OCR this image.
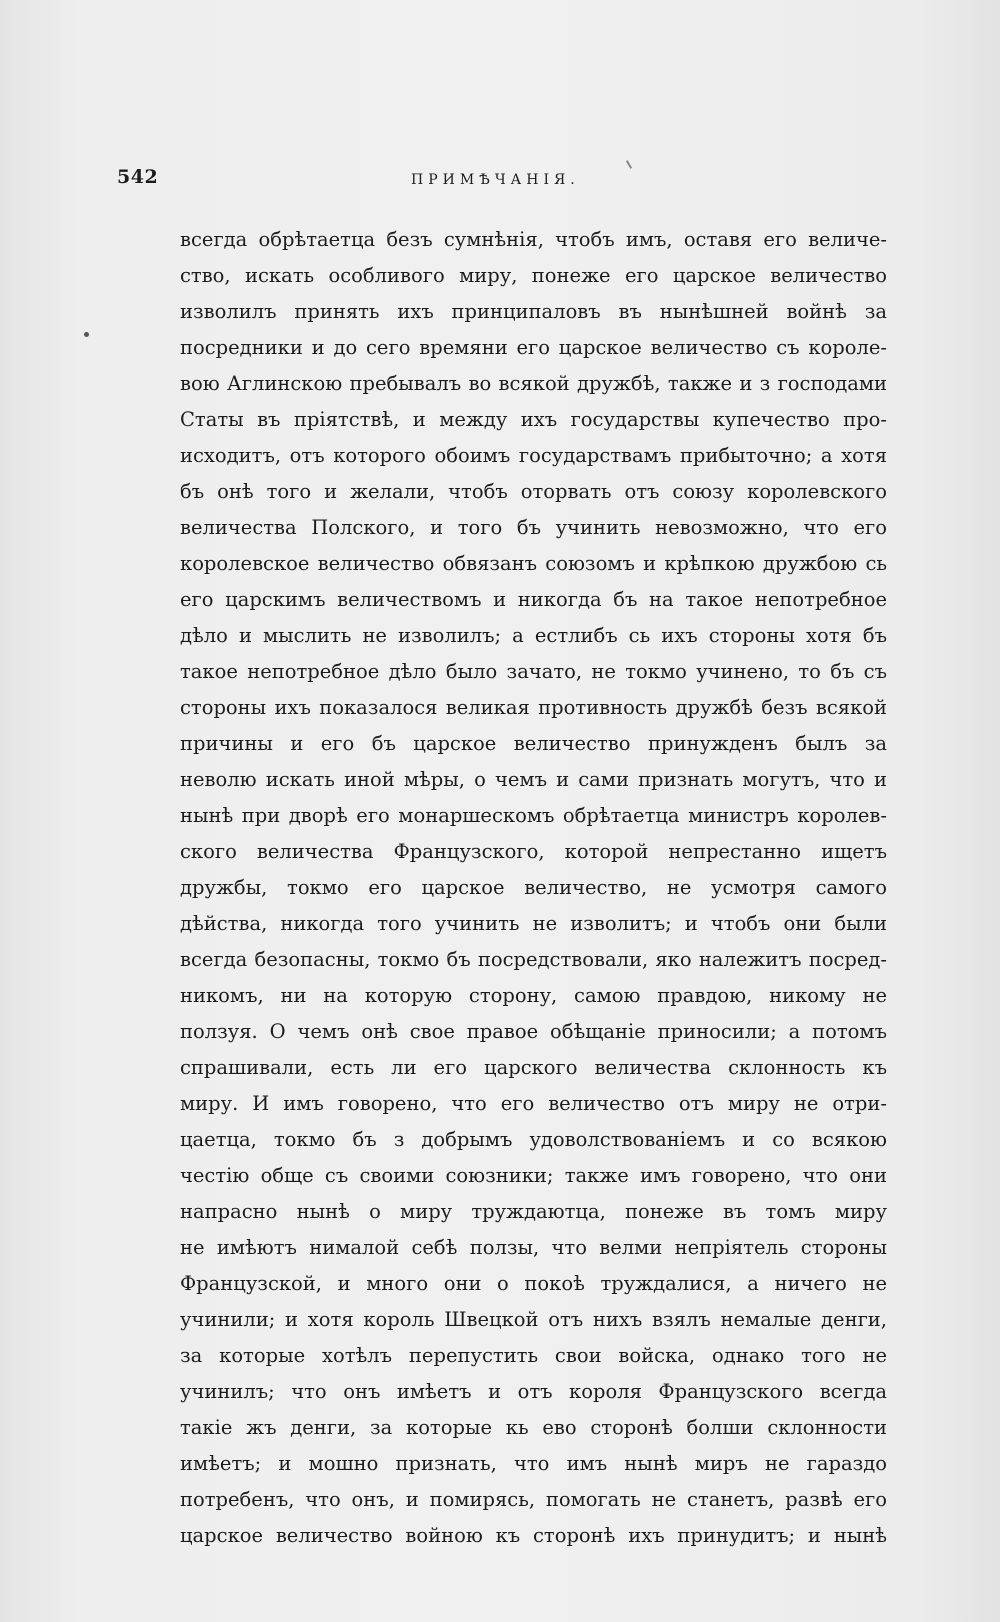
542	ПРИМѢЧАНІЯ.
всегда обрѣтаетца безъ сумнѣнія, чтобъ имъ, оставя его величе-
ство, искать особливого миру, понеже его царское величество
изволилъ принять ихъ принципаловъ въ нынѣшней войнѣ за
посредники и до сего времяни его царское величество съ королe-
вою Аглинскою пребывалъ во всякой дружбѣ, также и з господами
Статы въ пріятствѣ, и между ихъ государствы купечество про-
исходитъ, отъ которого обоимъ государствамъ прибыточно; а хотя
бъ онѣ того и желали, чтобъ оторвать отъ союзу королевского
величества Полского, и того бъ учинить невозможно, что его
королевское величество обвязанъ союзомъ и крѣпкою дружбою сь
его царскимъ величествомъ и никогда бъ на такое непотребное
дѣло и мыслить не изволилъ; а естлибъ сь ихъ стороны хотя бъ
такое непотребное дѣло было зачато, не токмо учинено, то бъ съ
стороны ихъ показалося великая противность дружбѣ безъ всякой
причины и его бъ царское величество принужденъ былъ за
неволю искать иной мѣры, о чемъ и сами признать могутъ, что и
нынѣ при дворѣ его монаршескомъ обрѣтаетца министръ королев-
ского величества Французского, которой непрестанно ищетъ
дружбы, токмо его царское величество, не усмотря самого
дѣйства, никогда того учинить не изволитъ; и чтобъ они были
всегда безопасны, токмо бъ посредствовали, яко належитъ посред-
никомъ, ни на которую сторону, самою правдою, никому не
ползуя. О чемъ онѣ свое правое обѣщаніе приносили; а потомъ
спрашивали, есть ли его царского величества склонность къ
миру. И имъ говорено, что его величество отъ миру не отри-
цаетца, токмо бъ з добрымъ удоволствованіемъ и со всякою
честію обще съ своими союзники; также имъ говорено, что они
напрасно нынѣ о миру труждаютца, понеже въ томъ миру
не имѣютъ нималой себѣ ползы, что велми непріятель стороны
Французской, и много они о покоѣ труждалися, а ничего не
учинили; и хотя король Швецкой отъ нихъ взялъ немалые денги,
за которые хотѣлъ перепустить свои войска, однако того не
учинилъ; что онъ имѣетъ и отъ короля Французского всегда
такіе жъ денги, за которые кь ево сторонѣ болши склонности
имѣетъ; и мошно признать, что имъ нынѣ миръ не гараздо
потребенъ, что онъ, и помирясь, помогать не станетъ, развѣ его
царское величество войною къ сторонѣ ихъ принудитъ; и нынѣ
